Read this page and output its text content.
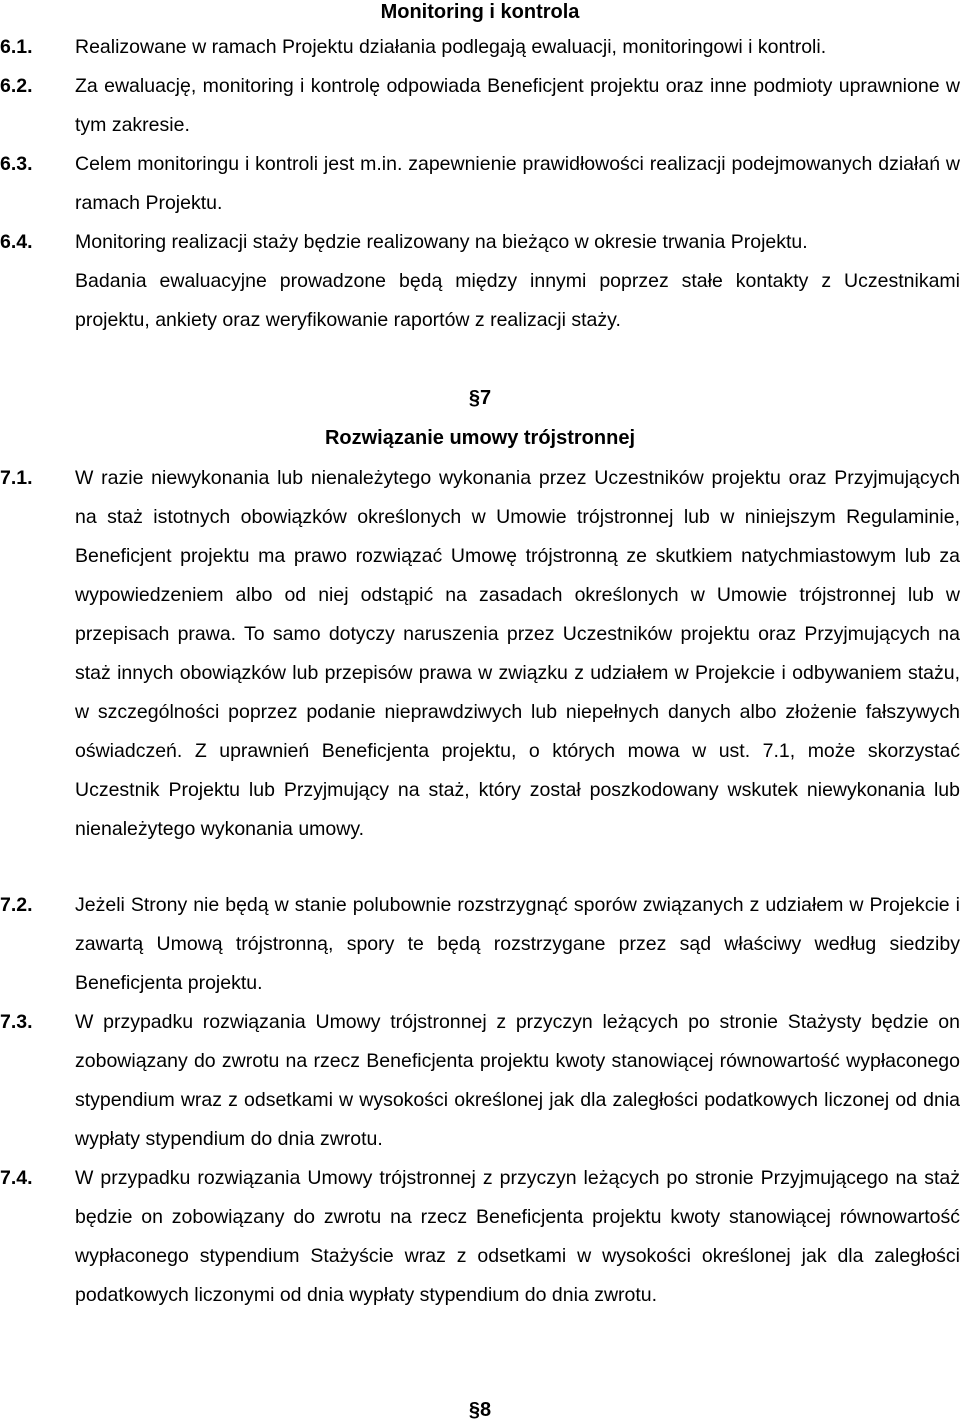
Monitoring i kontrola
6.1. Realizowane w ramach Projektu działania podlegają ewaluacji, monitoringowi i kontroli.
6.2. Za ewaluację, monitoring i kontrolę odpowiada Beneficjent projektu oraz inne podmioty uprawnione w tym zakresie.
6.3. Celem monitoringu i kontroli jest m.in. zapewnienie prawidłowości realizacji podejmowanych działań w ramach Projektu.
6.4. Monitoring realizacji staży będzie realizowany na bieżąco w okresie trwania Projektu.
Badania ewaluacyjne prowadzone będą między innymi poprzez stałe kontakty z Uczestnikami projektu, ankiety oraz weryfikowanie raportów z realizacji staży.
§7
Rozwiązanie umowy trójstronnej
7.1. W razie niewykonania lub nienależytego wykonania przez Uczestników projektu oraz Przyjmujących na staż istotnych obowiązków określonych w Umowie trójstronnej lub w niniejszym Regulaminie, Beneficjent projektu ma prawo rozwiązać Umowę trójstronną ze skutkiem natychmiastowym lub za wypowiedzeniem albo od niej odstąpić na zasadach określonych w Umowie trójstronnej lub w przepisach prawa. To samo dotyczy naruszenia przez Uczestników projektu oraz Przyjmujących na staż innych obowiązków lub przepisów prawa w związku z udziałem w Projekcie i odbywaniem stażu, w szczególności poprzez podanie nieprawdziwych lub niepełnych danych albo złożenie fałszywych oświadczeń. Z uprawnień Beneficjenta projektu, o których mowa w ust. 7.1, może skorzystać Uczestnik Projektu lub Przyjmujący na staż, który został poszkodowany wskutek niewykonania lub nienależytego wykonania umowy.
7.2. Jeżeli Strony nie będą w stanie polubownie rozstrzygnąć sporów związanych z udziałem w Projekcie i zawartą Umową trójstronną, spory te będą rozstrzygane przez sąd właściwy według siedziby Beneficjenta projektu.
7.3. W przypadku rozwiązania Umowy trójstronnej z przyczyn leżących po stronie Stażysty będzie on zobowiązany do zwrotu na rzecz Beneficjenta projektu kwoty stanowiącej równowartość wypłaconego stypendium wraz z odsetkami w wysokości określonej jak dla zaległości podatkowych liczonej od dnia wypłaty stypendium do dnia zwrotu.
7.4. W przypadku rozwiązania Umowy trójstronnej z przyczyn leżących po stronie Przyjmującego na staż będzie on zobowiązany do zwrotu na rzecz Beneficjenta projektu kwoty stanowiącej równowartość wypłaconego stypendium Stażyście wraz z odsetkami w wysokości określonej jak dla zaległości podatkowych liczonymi od dnia wypłaty stypendium do dnia zwrotu.
§8
